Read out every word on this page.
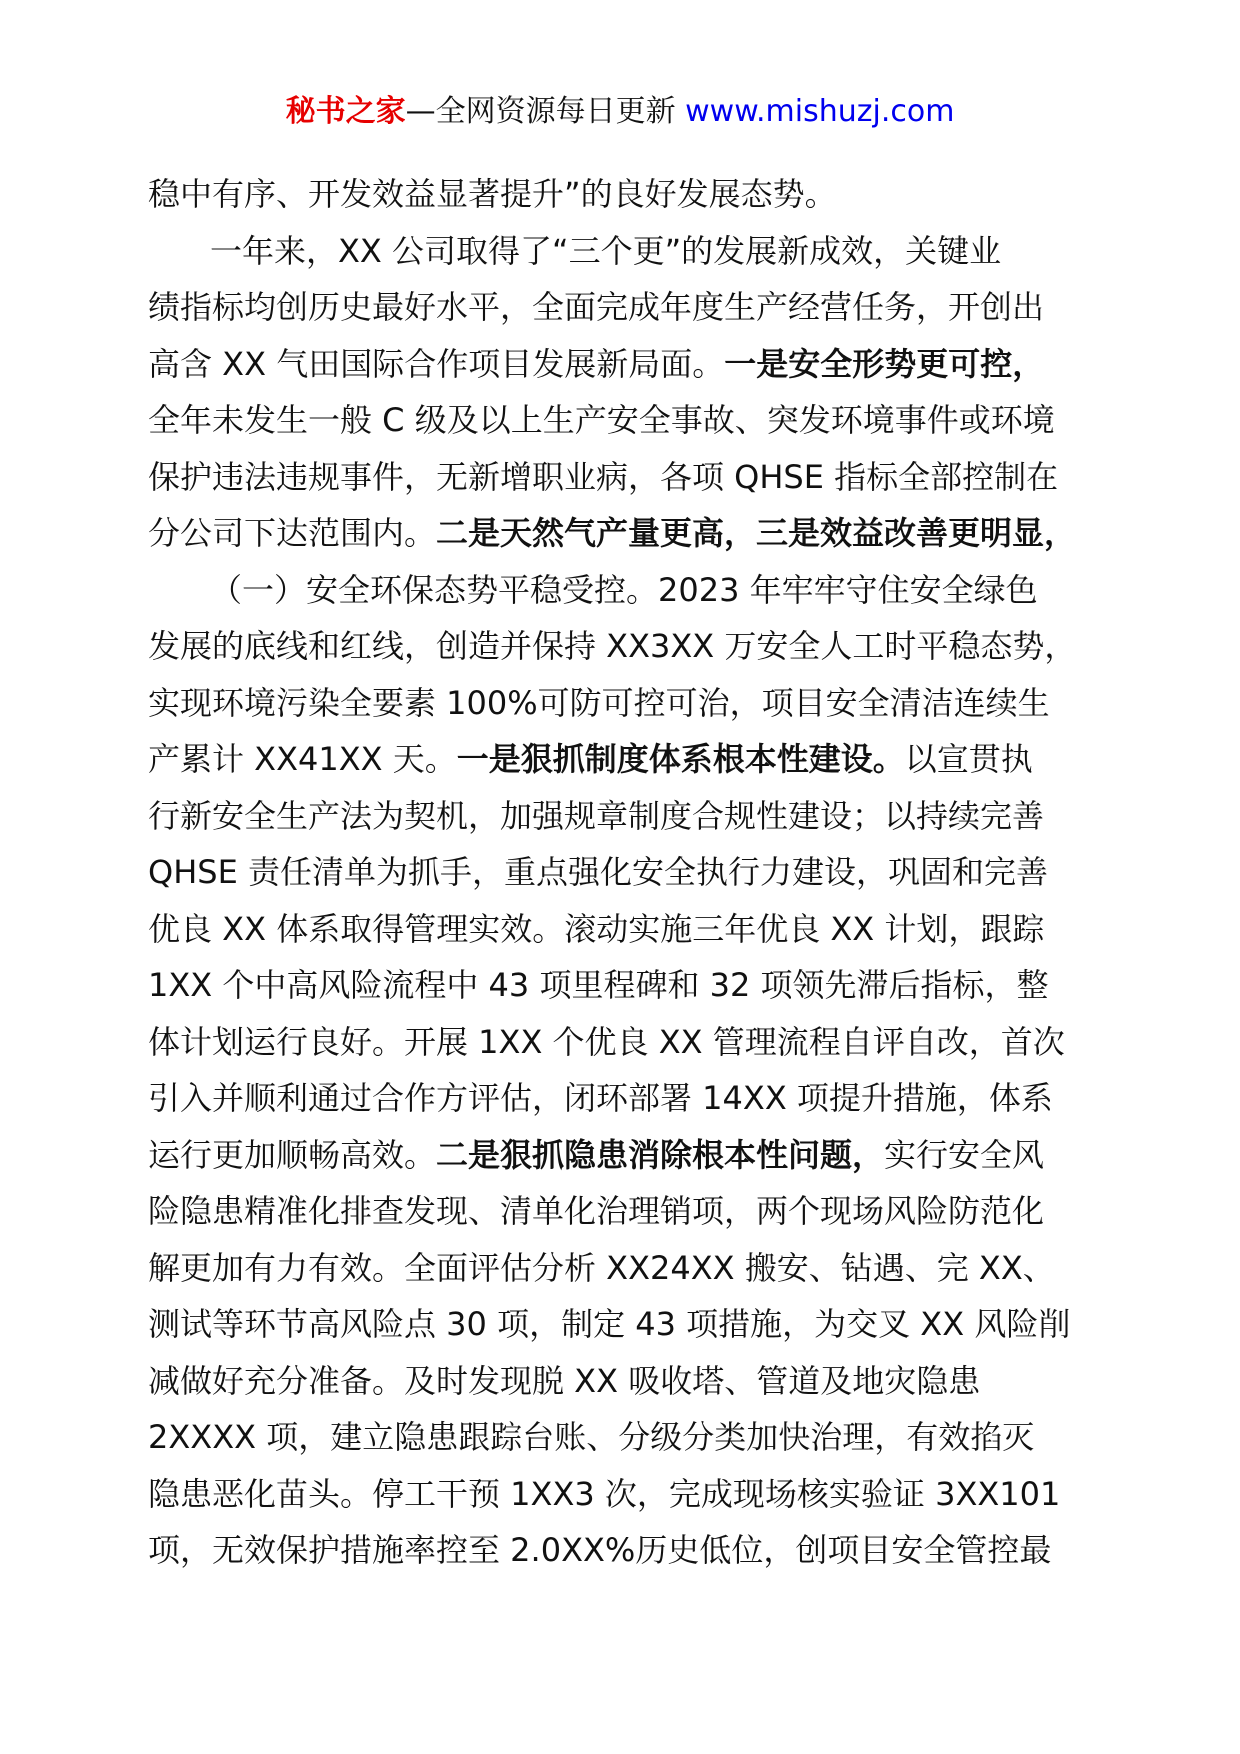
秘书之家—全网资源每日更新 www.mishuzj.com
稳中有序、开发效益显著提升”的良好发展态势。
一年来，XX 公司取得了“三个更”的发展新成效，关键业
绩指标均创历史最好水平，全面完成年度生产经营任务，开创出
高含 XX 气田国际合作项目发展新局面。一是安全形势更可控，
全年未发生一般 C 级及以上生产安全事故、突发环境事件或环境
保护违法违规事件，无新增职业病，各项 QHSE 指标全部控制在
分公司下达范围内。二是天然气产量更高，三是效益改善更明显，
（一）安全环保态势平稳受控。2023 年牢牢守住安全绿色
发展的底线和红线，创造并保持 XX3XX 万安全人工时平稳态势，
实现环境污染全要素 100%可防可控可治，项目安全清洁连续生
产累计 XX41XX 天。一是狠抓制度体系根本性建设。以宣贯执
行新安全生产法为契机，加强规章制度合规性建设；以持续完善
QHSE 责任清单为抓手，重点强化安全执行力建设，巩固和完善
优良 XX 体系取得管理实效。滚动实施三年优良 XX 计划，跟踪
1XX 个中高风险流程中 43 项里程碑和 32 项领先滞后指标，整
体计划运行良好。开展 1XX 个优良 XX 管理流程自评自改，首次
引入并顺利通过合作方评估，闭环部署 14XX 项提升措施，体系
运行更加顺畅高效。二是狠抓隐患消除根本性问题，实行安全风
险隐患精准化排查发现、清单化治理销项，两个现场风险防范化
解更加有力有效。全面评估分析 XX24XX 搬安、钻遇、完 XX、
测试等环节高风险点 30 项，制定 43 项措施，为交叉 XX 风险削
减做好充分准备。及时发现脱 XX 吸收塔、管道及地灾隐患
2XXXX 项，建立隐患跟踪台账、分级分类加快治理，有效掐灭
隐患恶化苗头。停工干预 1XX3 次，完成现场核实验证 3XX101
项，无效保护措施率控至 2.0XX%历史低位，创项目安全管控最
